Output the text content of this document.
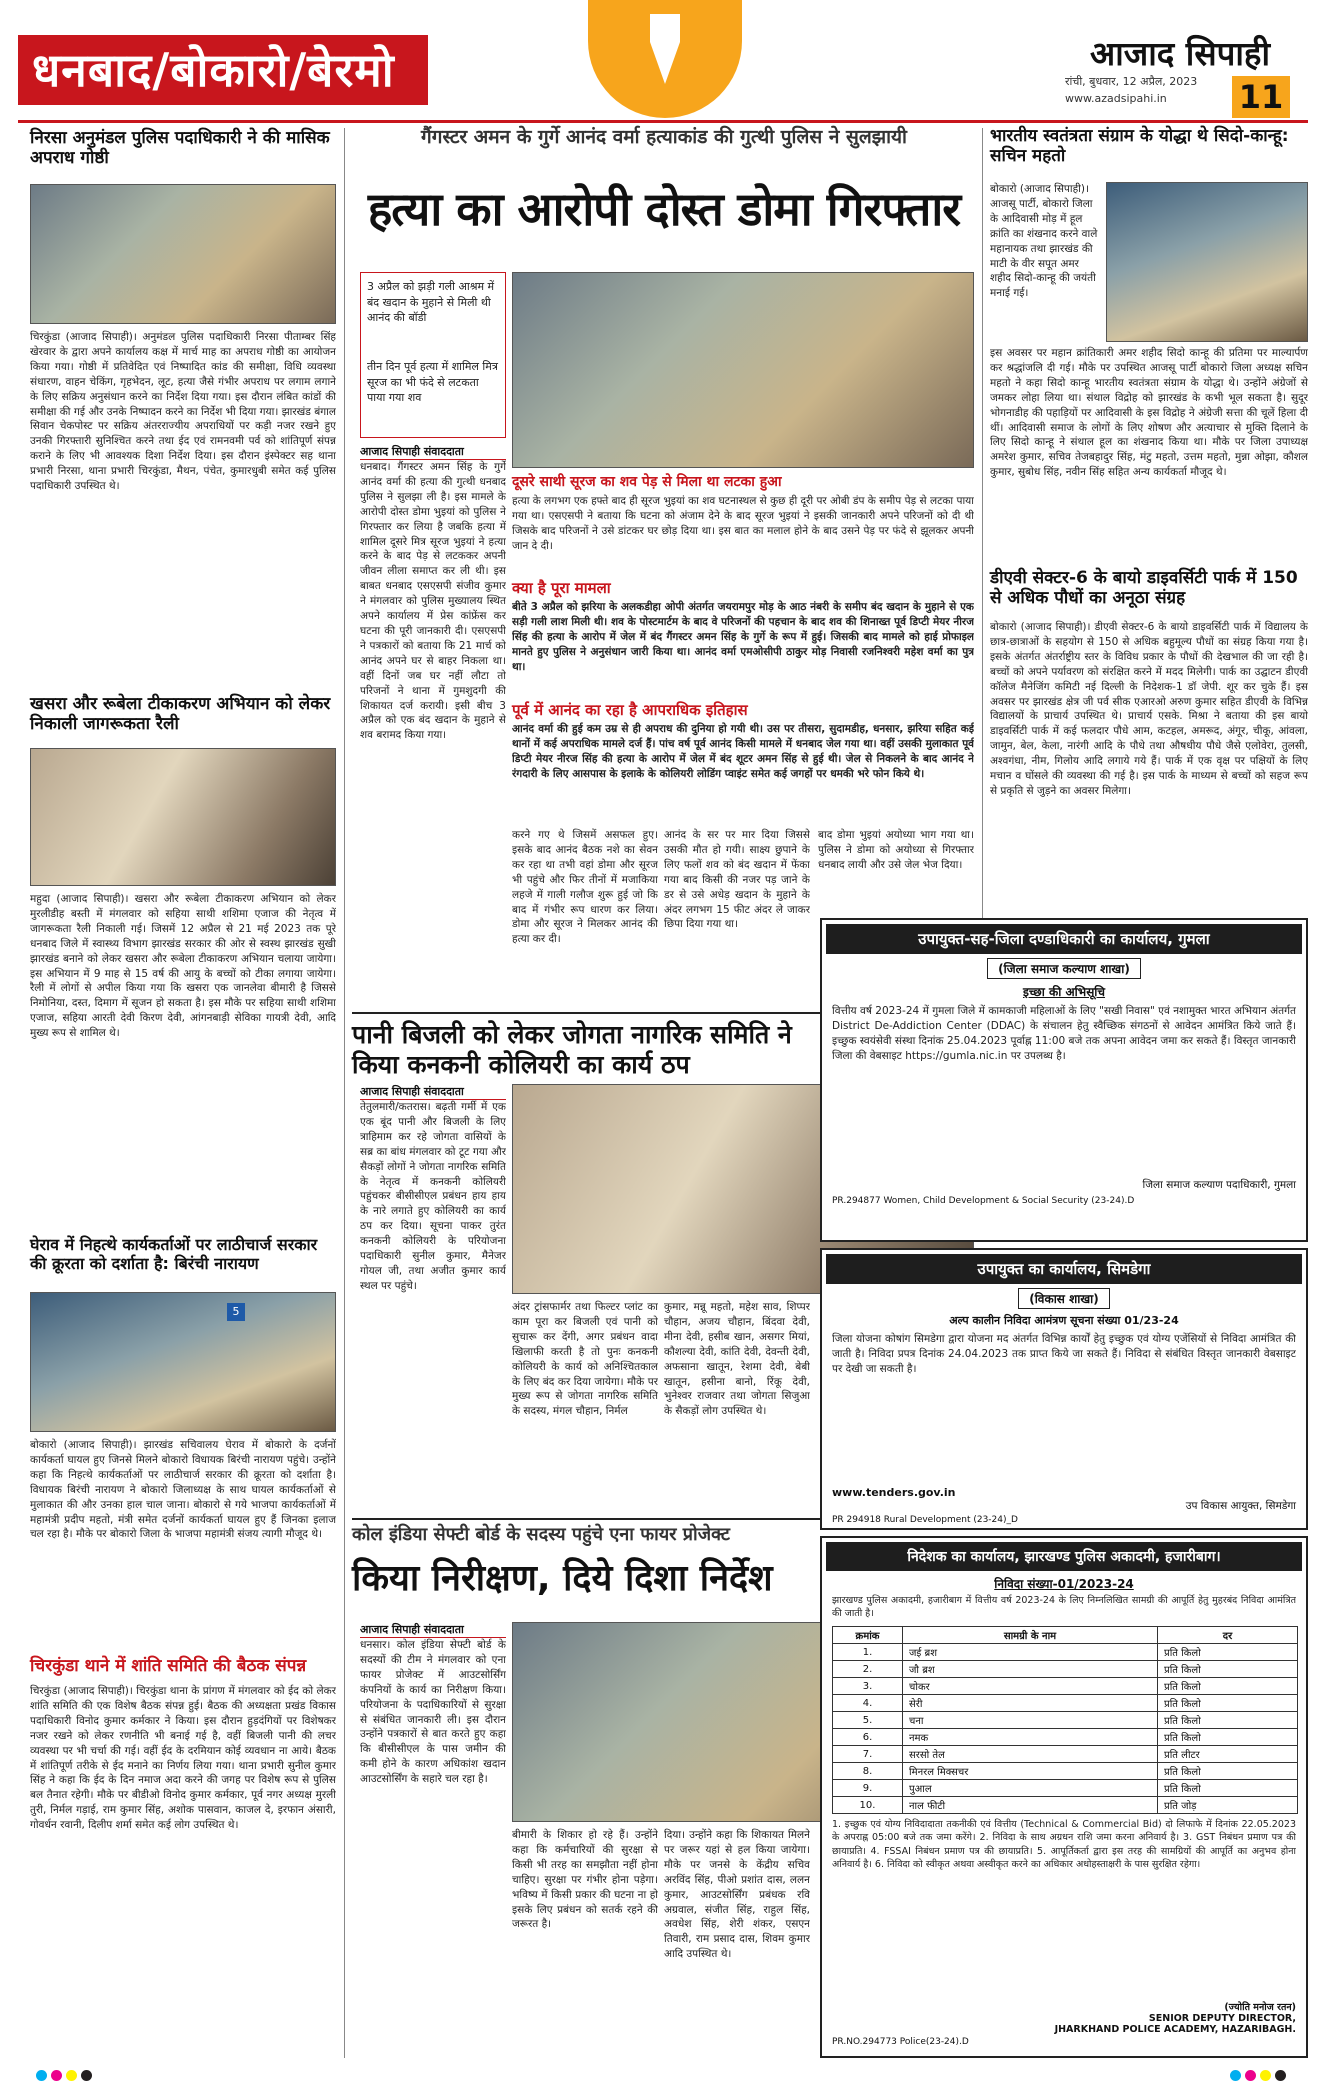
धनबाद/बोकारो/बेरमो	आजाद सिपाही
रांची, बुधवार, 12 अप्रैल, 2023
www.azadsipahi.in 11
निरसा अनुमंडल पुलिस पदाधिकारी ने की मासिक अपराध गोष्ठी
चिरकुंडा (आजाद सिपाही)। अनुमंडल पुलिस पदाधिकारी निरसा पीताम्बर सिंह खेरवार के द्वारा अपने कार्यालय कक्ष में मार्च माह का अपराध गोष्ठी का आयोजन किया गया। गोष्ठी में प्रतिवेदित एवं निष्पादित कांड की समीक्षा, विधि व्यवस्था संधारण, वाहन चेकिंग, गृहभेदन, लूट, हत्या जैसे गंभीर अपराध पर लगाम लगाने के लिए सक्रिय अनुसंधान करने का निर्देश दिया गया। इस दौरान लंबित कांडों की समीक्षा की गई और उनके निष्पादन करने का निर्देश भी दिया गया। झारखंड बंगाल सिवान चेकपोस्ट पर सक्रिय अंतरराज्यीय अपराधियों पर कड़ी नजर रखने हुए उनकी गिरफ्तारी सुनिश्चित करने तथा ईद एवं रामनवमी पर्व को शांतिपूर्ण संपन्न कराने के लिए भी आवश्यक दिशा निर्देश दिया। इस दौरान इंस्पेक्टर सह थाना प्रभारी निरसा, थाना प्रभारी चिरकुंडा, मैथन, पंचेत, कुमारधुबी समेत कई पुलिस पदाधिकारी उपस्थित थे।
खसरा और रूबेला टीकाकरण अभियान को लेकर निकाली जागरूकता रैली
महुदा (आजाद सिपाही)। खसरा और रूबेला टीकाकरण अभियान को लेकर मुरलीडीह बस्ती में मंगलवार को सहिया साथी शशिमा एजाज की नेतृत्व में जागरूकता रैली निकाली गई। जिसमें 12 अप्रैल से 21 मई 2023 तक पूरे धनबाद जिले में स्वास्थ्य विभाग झारखंड सरकार की ओर से स्वस्थ झारखंड सुखी झारखंड बनाने को लेकर खसरा और रूबेला टीकाकरण अभियान चलाया जायेगा। इस अभियान में 9 माह से 15 वर्ष की आयु के बच्चों को टीका लगाया जायेगा। रैली में लोगों से अपील किया गया कि खसरा एक जानलेवा बीमारी है जिससे निमोनिया, दस्त, दिमाग में सूजन हो सकता है। इस मौके पर सहिया साथी शशिमा एजाज, सहिया आरती देवी किरण देवी, आंगनबाड़ी सेविका गायत्री देवी, आदि मुख्य रूप से शामिल थे।
घेराव में निहत्थे कार्यकर्ताओं पर लाठीचार्ज सरकार की क्रूरता को दर्शाता है: बिरंची नारायण
5
बोकारो (आजाद सिपाही)। झारखंड सचिवालय घेराव में बोकारो के दर्जनों कार्यकर्ता घायल हुए जिनसे मिलने बोकारो विधायक बिरंची नारायण पहुंचे। उन्होंने कहा कि निहत्थे कार्यकर्ताओं पर लाठीचार्ज सरकार की क्रूरता को दर्शाता है। विधायक बिरंची नारायण ने बोकारो जिलाध्यक्ष के साथ घायल कार्यकर्ताओं से मुलाकात की और उनका हाल चाल जाना। बोकारो से गये भाजपा कार्यकर्ताओं में महामंत्री प्रदीप महतो, मंत्री समेत दर्जनों कार्यकर्ता घायल हुए हैं जिनका इलाज चल रहा है। मौके पर बोकारो जिला के भाजपा महामंत्री संजय त्यागी मौजूद थे।
चिरकुंडा थाने में शांति समिति की बैठक संपन्न
चिरकुंडा (आजाद सिपाही)। चिरकुंडा थाना के प्रांगण में मंगलवार को ईद को लेकर शांति समिति की एक विशेष बैठक संपन्न हुई। बैठक की अध्यक्षता प्रखंड विकास पदाधिकारी विनोद कुमार कर्मकार ने किया। इस दौरान हुड़दंगियों पर विशेषकर नजर रखने को लेकर रणनीति भी बनाई गई है, वहीं बिजली पानी की लचर व्यवस्था पर भी चर्चा की गई। वहीं ईद के दरमियान कोई व्यवधान ना आये। बैठक में शांतिपूर्ण तरीके से ईद मनाने का निर्णय लिया गया। थाना प्रभारी सुनील कुमार सिंह ने कहा कि ईद के दिन नमाज अदा करने की जगह पर विशेष रूप से पुलिस बल तैनात रहेगी। मौके पर बीडीओ विनोद कुमार कर्मकार, पूर्व नगर अध्यक्ष मुरली तुरी, निर्मल गड़ाई, राम कुमार सिंह, अशोक पासवान, काजल दे, इरफान अंसारी, गोवर्धन रवानी, दिलीप शर्मा समेत कई लोग उपस्थित थे।
गैंगस्टर अमन के गुर्गे आनंद वर्मा हत्याकांड की गुत्थी पुलिस ने सुलझायी
हत्या का आरोपी दोस्त डोमा गिरफ्तार
3 अप्रैल को झड़ी गली आश्रम में बंद खदान के मुहाने से मिली थी आनंद की बॉडी
तीन दिन पूर्व हत्या में शामिल मित्र सूरज का भी फंदे से लटकता पाया गया शव
आजाद सिपाही संवाददाता
धनबाद। गैंगस्टर अमन सिंह के गुर्गे आनंद वर्मा की हत्या की गुत्थी धनबाद पुलिस ने सुलझा ली है। इस मामले के आरोपी दोस्त डोमा भुइयां को पुलिस ने गिरफ्तार कर लिया है जबकि हत्या में शामिल दूसरे मित्र सूरज भुइयां ने हत्या करने के बाद पेड़ से लटककर अपनी जीवन लीला समाप्त कर ली थी। इस बाबत धनबाद एसएसपी संजीव कुमार ने मंगलवार को पुलिस मुख्यालय स्थित अपने कार्यालय में प्रेस कांफ्रेंस कर घटना की पूरी जानकारी दी। एसएसपी ने पत्रकारों को बताया कि 21 मार्च को आनंद अपने घर से बाहर निकला था। वहीं दिनों जब घर नहीं लौटा तो परिजनों ने थाना में गुमशुदगी की शिकायत दर्ज करायी। इसी बीच 3 अप्रैल को एक बंद खदान के मुहाने से शव बरामद किया गया।
दूसरे साथी सूरज का शव पेड़ से मिला था लटका हुआ
हत्या के लगभग एक हफ्ते बाद ही सूरज भुइयां का शव घटनास्थल से कुछ ही दूरी पर ओबी डंप के समीप पेड़ से लटका पाया गया था। एसएसपी ने बताया कि घटना को अंजाम देने के बाद सूरज भुइयां ने इसकी जानकारी अपने परिजनों को दी थी जिसके बाद परिजनों ने उसे डांटकर घर छोड़ दिया था। इस बात का मलाल होने के बाद उसने पेड़ पर फंदे से झूलकर अपनी जान दे दी।
क्या है पूरा मामला
बीते 3 अप्रैल को झरिया के अलकडीहा ओपी अंतर्गत जयरामपुर मोड़ के आठ नंबरी के समीप बंद खदान के मुहाने से एक सड़ी गली लाश मिली थी। शव के पोस्टमार्टम के बाद वे परिजनों की पहचान के बाद शव की शिनाख्त पूर्व डिप्टी मेयर नीरज सिंह की हत्या के आरोप में जेल में बंद गैंगस्टर अमन सिंह के गुर्गे के रूप में हुई। जिसकी बाद मामले को हाई प्रोफाइल मानते हुए पुलिस ने अनुसंधान जारी किया था। आनंद वर्मा एमओसीपी ठाकुर मोड़ निवासी रजनिश्वरी महेश वर्मा का पुत्र था।
पूर्व में आनंद का रहा है आपराधिक इतिहास
आनंद वर्मा की हुई कम उम्र से ही अपराध की दुनिया हो गयी थी। उस पर तीसरा, सुदामडीह, धनसार, झरिया सहित कई थानों में कई अपराधिक मामले दर्ज हैं। पांच वर्ष पूर्व आनंद किसी मामले में धनबाद जेल गया था। वहीं उसकी मुलाकात पूर्व डिप्टी मेयर नीरज सिंह की हत्या के आरोप में जेल में बंद शूटर अमन सिंह से हुई थी। जेल से निकलने के बाद आनंद ने रंगदारी के लिए आसपास के इलाके के कोलियरी लोडिंग प्वाइंट समेत कई जगहों पर धमकी भरे फोन किये थे।
करने गए थे जिसमें असफल हुए। इसके बाद आनंद बैठक नशे का सेवन कर रहा था तभी वहां डोमा और सूरज भी पहुंचे और फिर तीनों में मजाकिया लहजे में गाली गलौज शुरू हुई जो कि बाद में गंभीर रूप धारण कर लिया। डोमा और सूरज ने मिलकर आनंद की हत्या कर दी।
आनंद के सर पर मार दिया जिससे उसकी मौत हो गयी। साक्ष्य छुपाने के लिए फलों शव को बंद खदान में फेंका गया बाद किसी की नजर पड़ जाने के डर से उसे अधेड़ खदान के मुहाने के अंदर लगभग 15 फीट अंदर ले जाकर छिपा दिया गया था।
बाद डोमा भुइयां अयोध्या भाग गया था। पुलिस ने डोमा को अयोध्या से गिरफ्तार धनबाद लायी और उसे जेल भेज दिया।
पानी बिजली को लेकर जोगता नागरिक समिति ने किया कनकनी कोलियरी का कार्य ठप
आजाद सिपाही संवाददाता
तेतुलमारी/कतरास। बढ़ती गर्मी में एक एक बूंद पानी और बिजली के लिए त्राहिमाम कर रहे जोगता वासियों के सब्र का बांध मंगलवार को टूट गया और सैकड़ों लोगों ने जोगता नागरिक समिति के नेतृत्व में कनकनी कोलियरी पहुंचकर बीसीसीएल प्रबंधन हाय हाय के नारे लगाते हुए कोलियरी का कार्य ठप कर दिया। सूचना पाकर तुरंत कनकनी कोलियरी के परियोजना पदाधिकारी सुनील कुमार, मैनेजर गोयल जी, तथा अजीत कुमार कार्य स्थल पर पहुंचे।
अंदर ट्रांसफार्मर तथा फिल्टर प्लांट का काम पूरा कर बिजली एवं पानी को सुचारू कर देंगी, अगर प्रबंधन वादा खिलाफी करती है तो पुनः कनकनी कोलियरी के कार्य को अनिश्चितकाल के लिए बंद कर दिया जायेगा। मौके पर मुख्य रूप से जोगता नागरिक समिति के सदस्य, मंगल चौहान, निर्मल
कुमार, मन्नू महतो, महेश साव, शिप्पर चौहान, अजय चौहान, बिंदवा देवी, मीना देवी, हसीब खान, असगर मियां, कौशल्या देवी, कांति देवी, देवन्ती देवी, अफसाना खातून, रेशमा देवी, बेबी खातून, हसीना बानो, रिंकू देवी, भुनेश्वर राजवार तथा जोगता सिजुआ के सैकड़ों लोग उपस्थित थे।
कोल इंडिया सेफ्टी बोर्ड के सदस्य पहुंचे एना फायर प्रोजेक्ट
किया निरीक्षण, दिये दिशा निर्देश
आजाद सिपाही संवाददाता
धनसार। कोल इंडिया सेफ्टी बोर्ड के सदस्यों की टीम ने मंगलवार को एना फायर प्रोजेक्ट में आउटसोर्सिंग कंपनियों के कार्य का निरीक्षण किया। परियोजना के पदाधिकारियों से सुरक्षा से संबंधित जानकारी ली। इस दौरान उन्होंने पत्रकारों से बात करते हुए कहा कि बीसीसीएल के पास जमीन की कमी होने के कारण अधिकांश खदान आउटसोर्सिंग के सहारे चल रहा है।
बीमारी के शिकार हो रहे हैं। उन्होंने कहा कि कर्मचारियों की सुरक्षा से किसी भी तरह का समझौता नहीं होना चाहिए। सुरक्षा पर गंभीर होना पड़ेगा। भविष्य में किसी प्रकार की घटना ना हो इसके लिए प्रबंधन को सतर्क रहने की जरूरत है।
दिया। उन्होंने कहा कि शिकायत मिलने पर जरूर यहां से हल किया जायेगा। मौके पर जनसे के केंद्रीय सचिव अरविंद सिंह, पीओ प्रशांत दास, ललन कुमार, आउटसोर्सिंग प्रबंधक रवि अग्रवाल, संजीत सिंह, राहुल सिंह, अवधेश सिंह, शेरी शंकर, एसएन तिवारी, राम प्रसाद दास, शिवम कुमार आदि उपस्थित थे।
भारतीय स्वतंत्रता संग्राम के योद्धा थे सिदो-कान्हू: सचिन महतो
बोकारो (आजाद सिपाही)। आजसू पार्टी, बोकारो जिला के आदिवासी मोड़ में हूल क्रांति का शंखनाद करने वाले महानायक तथा झारखंड की माटी के वीर सपूत अमर शहीद सिदो-कान्हू की जयंती मनाई गई।
इस अवसर पर महान क्रांतिकारी अमर शहीद सिदो कान्हू की प्रतिमा पर माल्यार्पण कर श्रद्धांजलि दी गई। मौके पर उपस्थित आजसू पार्टी बोकारो जिला अध्यक्ष सचिन महतो ने कहा सिदो कान्हू भारतीय स्वतंत्रता संग्राम के योद्धा थे। उन्होंने अंग्रेजों से जमकर लोहा लिया था। संथाल विद्रोह को झारखंड के कभी भूल सकता है। सुदूर भोगनाडीह की पहाड़ियों पर आदिवासी के इस विद्रोह ने अंग्रेजी सत्ता की चूलें हिला दी थीं। आदिवासी समाज के लोगों के लिए शोषण और अत्याचार से मुक्ति दिलाने के लिए सिदो कान्हू ने संथाल हूल का शंखनाद किया था। मौके पर जिला उपाध्यक्ष अमरेश कुमार, सचिव तेजबहादुर सिंह, मंटु महतो, उत्तम महतो, मुन्ना ओझा, कौशल कुमार, सुबोध सिंह, नवीन सिंह सहित अन्य कार्यकर्ता मौजूद थे।
डीएवी सेक्टर-6 के बायो डाइवर्सिटी पार्क में 150 से अधिक पौधों का अनूठा संग्रह
बोकारो (आजाद सिपाही)। डीएवी सेक्टर-6 के बायो डाइवर्सिटी पार्क में विद्यालय के छात्र-छात्राओं के सहयोग से 150 से अधिक बहुमूल्य पौधों का संग्रह किया गया है। इसके अंतर्गत अंतर्राष्ट्रीय स्तर के विविध प्रकार के पौधों की देखभाल की जा रही है। बच्चों को अपने पर्यावरण को संरक्षित करने में मदद मिलेगी। पार्क का उद्घाटन डीएवी कॉलेज मैनेजिंग कमिटी नई दिल्ली के निदेशक-1 डॉ जेपी. शूर कर चुके हैं। इस अवसर पर झारखंड क्षेत्र जी पर्व सीक एआरओ अरुण कुमार सहित डीएवी के विभिन्न विद्यालयों के प्राचार्य उपस्थित थे। प्राचार्य एसके. मिश्रा ने बताया की इस बायो डाइवर्सिटी पार्क में कई फलदार पौधे आम, कटहल, अमरूद, अंगूर, चीकू, आंवला, जामुन, बेल, केला, नारंगी आदि के पौधे तथा औषधीय पौधे जैसे एलोवेरा, तुलसी, अश्वगंधा, नीम, गिलोय आदि लगाये गये हैं। पार्क में एक वृक्ष पर पक्षियों के लिए मचान व घोंसले की व्यवस्था की गई है। इस पार्क के माध्यम से बच्चों को सहज रूप से प्रकृति से जुड़ने का अवसर मिलेगा।
उपायुक्त-सह-जिला दण्डाधिकारी का कार्यालय, गुमला
(जिला समाज कल्याण शाखा)
इच्छा की अभिसूचि
वित्तीय वर्ष 2023-24 में गुमला जिले में कामकाजी महिलाओं के लिए "सखी निवास" एवं नशामुक्त भारत अभियान अंतर्गत District De-Addiction Center (DDAC) के संचालन हेतु स्वैच्छिक संगठनों से आवेदन आमंत्रित किये जाते हैं। इच्छुक स्वयंसेवी संस्था दिनांक 25.04.2023 पूर्वाह्न 11:00 बजे तक अपना आवेदन जमा कर सकते हैं। विस्तृत जानकारी जिला की वेबसाइट https://gumla.nic.in पर उपलब्ध है।
जिला समाज कल्याण पदाधिकारी, गुमला
PR.294877 Women, Child Development & Social Security (23-24).D
उपायुक्त का कार्यालय, सिमडेगा
(विकास शाखा)
अल्प कालीन निविदा आमंत्रण सूचना संख्या 01/23-24
जिला योजना कोषांग सिमडेगा द्वारा योजना मद अंतर्गत विभिन्न कार्यों हेतु इच्छुक एवं योग्य एजेंसियों से निविदा आमंत्रित की जाती है। निविदा प्रपत्र दिनांक 24.04.2023 तक प्राप्त किये जा सकते हैं। निविदा से संबंधित विस्तृत जानकारी वेबसाइट पर देखी जा सकती है।
www.tenders.gov.in
उप विकास आयुक्त, सिमडेगा
PR 294918 Rural Development (23-24)_D
निदेशक का कार्यालय, झारखण्ड पुलिस अकादमी, हजारीबाग।
निविदा संख्या-01/2023-24
झारखण्ड पुलिस अकादमी, हजारीबाग में वित्तीय वर्ष 2023-24 के लिए निम्नलिखित सामग्री की आपूर्ति हेतु मुहरबंद निविदा आमंत्रित की जाती है।
क्रमांक	सामग्री के नाम	दर
1.	जई ब्रश	प्रति किलो
2.	जौ ब्रश	प्रति किलो
3.	चोकर	प्रति किलो
4.	सेरी	प्रति किलो
5.	चना	प्रति किलो
6.	नमक	प्रति किलो
7.	सरसो तेल	प्रति लीटर
8.	मिनरल मिक्सचर	प्रति किलो
9.	पुआल	प्रति किलो
10.	नाल फीटी	प्रति जोड़
1. इच्छुक एवं योग्य निविदादाता तकनीकी एवं वित्तीय (Technical & Commercial Bid) दो लिफाफे में दिनांक 22.05.2023 के अपराह्न 05:00 बजे तक जमा करेंगे। 2. निविदा के साथ अग्रधन राशि जमा करना अनिवार्य है। 3. GST निबंधन प्रमाण पत्र की छायाप्रति। 4. FSSAI निबंधन प्रमाण पत्र की छायाप्रति। 5. आपूर्तिकर्ता द्वारा इस तरह की सामग्रियों की आपूर्ति का अनुभव होना अनिवार्य है। 6. निविदा को स्वीकृत अथवा अस्वीकृत करने का अधिकार अधोहस्ताक्षरी के पास सुरक्षित रहेगा।
(ज्योति मनोज रतन)
SENIOR DEPUTY DIRECTOR,
JHARKHAND POLICE ACADEMY, HAZARIBAGH.
PR.NO.294773 Police(23-24).D
